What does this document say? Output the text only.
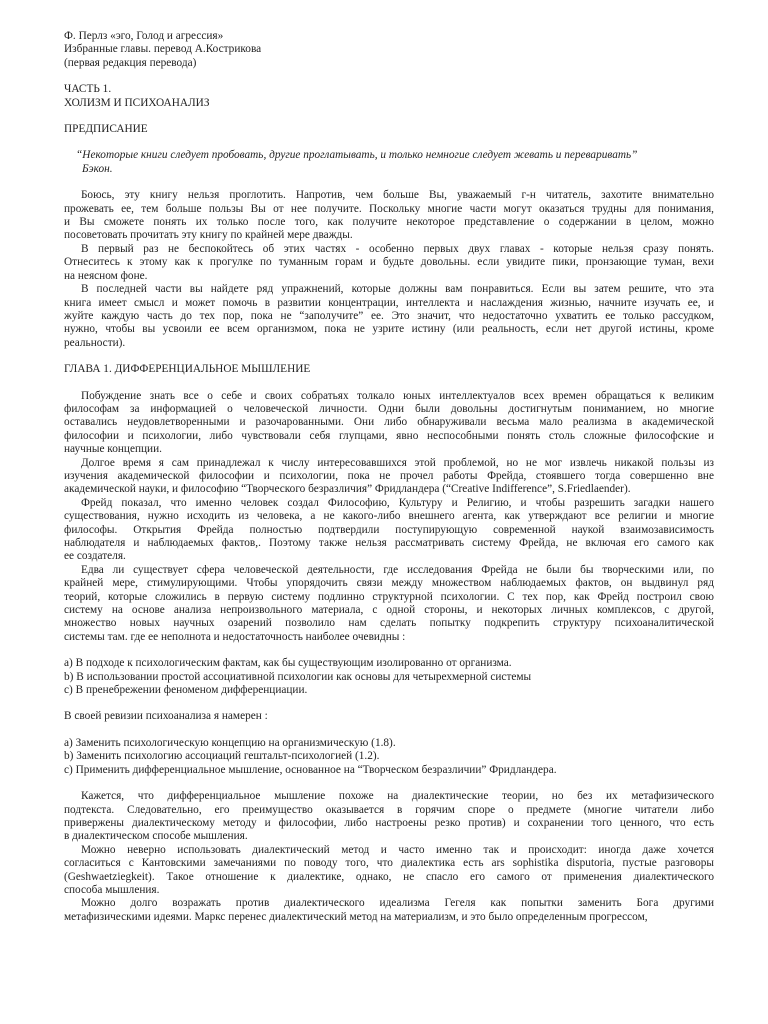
Ф. Перлз «эго, Голод и агрессия»
Избранные главы. перевод А.Кострикова
(первая редакция перевода)
ЧАСТЬ 1.
ХОЛИЗМ И ПСИХОАНАЛИЗ
ПРЕДПИСАНИЕ
“Некоторые книги следует пробовать, другие проглатывать, и только немногие следует жевать и переваривать”
Бэкон.
  Боюсь, эту книгу нельзя проглотить. Напротив, чем больше Вы, уважаемый г-н читатель, захотите внимательно
прожевать ее, тем больше пользы Вы от нее получите. Поскольку многие части могут оказаться трудны для понимания,
и Вы сможете понять их только после того, как получите некоторое представление о содержании в целом, можно
посоветовать прочитать эту книгу по крайней мере дважды.
  В первый раз не беспокойтесь об этих частях - особенно первых двух главах - которые нельзя сразу понять.
Отнеситесь к этому как к прогулке по туманным горам и будьте довольны. если увидите пики, пронзающие туман, вехи
на неясном фоне.
  В последней части вы найдете ряд упражнений, которые должны вам понравиться. Если вы затем решите, что эта
книга имеет смысл и может помочь в развитии концентрации, интеллекта и наслаждения жизнью, начните изучать ее, и
жуйте каждую часть до тех пор, пока не “заполучите” ее. Это значит, что недостаточно ухватить ее только рассудком,
нужно, чтобы вы усвоили ее всем организмом, пока не узрите истину (или реальность, если нет другой истины, кроме
реальности).
ГЛАВА 1. ДИФФЕРЕНЦИАЛЬНОЕ МЫШЛЕНИЕ
  Побуждение знать все о себе и своих собратьях толкало юных интеллектуалов всех времен обращаться к великим
философам за информацией о человеческой личности. Одни были довольны достигнутым пониманием, но многие
оставались неудовлетворенными и разочарованными. Они либо обнаруживали весьма мало реализма в академической
философии и психологии, либо чувствовали себя глупцами, явно неспособными понять столь сложные философские и
научные концепции.
  Долгое время я сам принадлежал к числу интересовавшихся этой проблемой, но не мог извлечь никакой пользы из
изучения академической философии и психологии, пока не прочел работы Фрейда, стоявшего тогда совершенно вне
академической науки, и философию “Творческого безразличия” Фридландера (“Creative Indifference”, S.Friedlaender).
  Фрейд показал, что именно человек создал Философию, Культуру и Религию, и чтобы разрешить загадки нашего
существования, нужно исходить из человека, а не какого-либо внешнего агента, как утверждают все религии и многие
философы. Открытия Фрейда полностью подтвердили поступирующую современной наукой взаимозависимость
наблюдателя и наблюдаемых фактов,. Поэтому также нельзя рассматривать систему Фрейда, не включая его самого как
ее создателя.
  Едва ли существует сфера человеческой деятельности, где исследования Фрейда не были бы творческими или, по
крайней мере, стимулирующими. Чтобы упорядочить связи между множеством наблюдаемых фактов, он выдвинул ряд
теорий, которые сложились в первую систему подлинно структурной психологии. С тех пор, как Фрейд построил свою
систему на основе анализа непроизвольного материала, с одной стороны, и некоторых личных комплексов, с другой,
множество новых научных озарений позволило нам сделать попытку подкрепить структуру психоаналитической
системы там. где ее неполнота и недостаточность наиболее очевидны :
а) В подходе к психологическим фактам, как бы существующим изолированно от организма.
b) В использовании простой ассоциативной психологии как основы для четырехмерной системы
с) В пренебрежении феноменом дифференциации.
В своей ревизии психоанализа я намерен :
а) Заменить психологическую концепцию на организмическую (1.8).
b) Заменить психологию ассоциаций гештальт-психологией (1.2).
с) Применить дифференциальное мышление, основанное на “Творческом безразличии” Фридландера.
  Кажется, что дифференциальное мышление похоже на диалектические теории, но без их метафизического
подтекста. Следовательно, его преимущество оказывается в горячим споре о предмете (многие читатели либо
привержены диалектическому методу и философии, либо настроены резко против) и сохранении того ценного, что есть
в диалектическом способе мышления.
  Можно неверно использовать диалектический метод и часто именно так и происходит: иногда даже хочется
согласиться с Кантовскими замечаниями по поводу того, что диалектика есть ars sophistika disputoria, пустые разговоры
(Geshwaetziegkeit). Такое отношение к диалектике, однако, не спасло его самого от применения диалектического
способа мышления.
  Можно долго возражать против диалектического идеализма Гегеля как попытки заменить Бога другими
метафизическими идеями. Маркс перенес диалектический метод на материализм, и это было определенным прогрессом,
